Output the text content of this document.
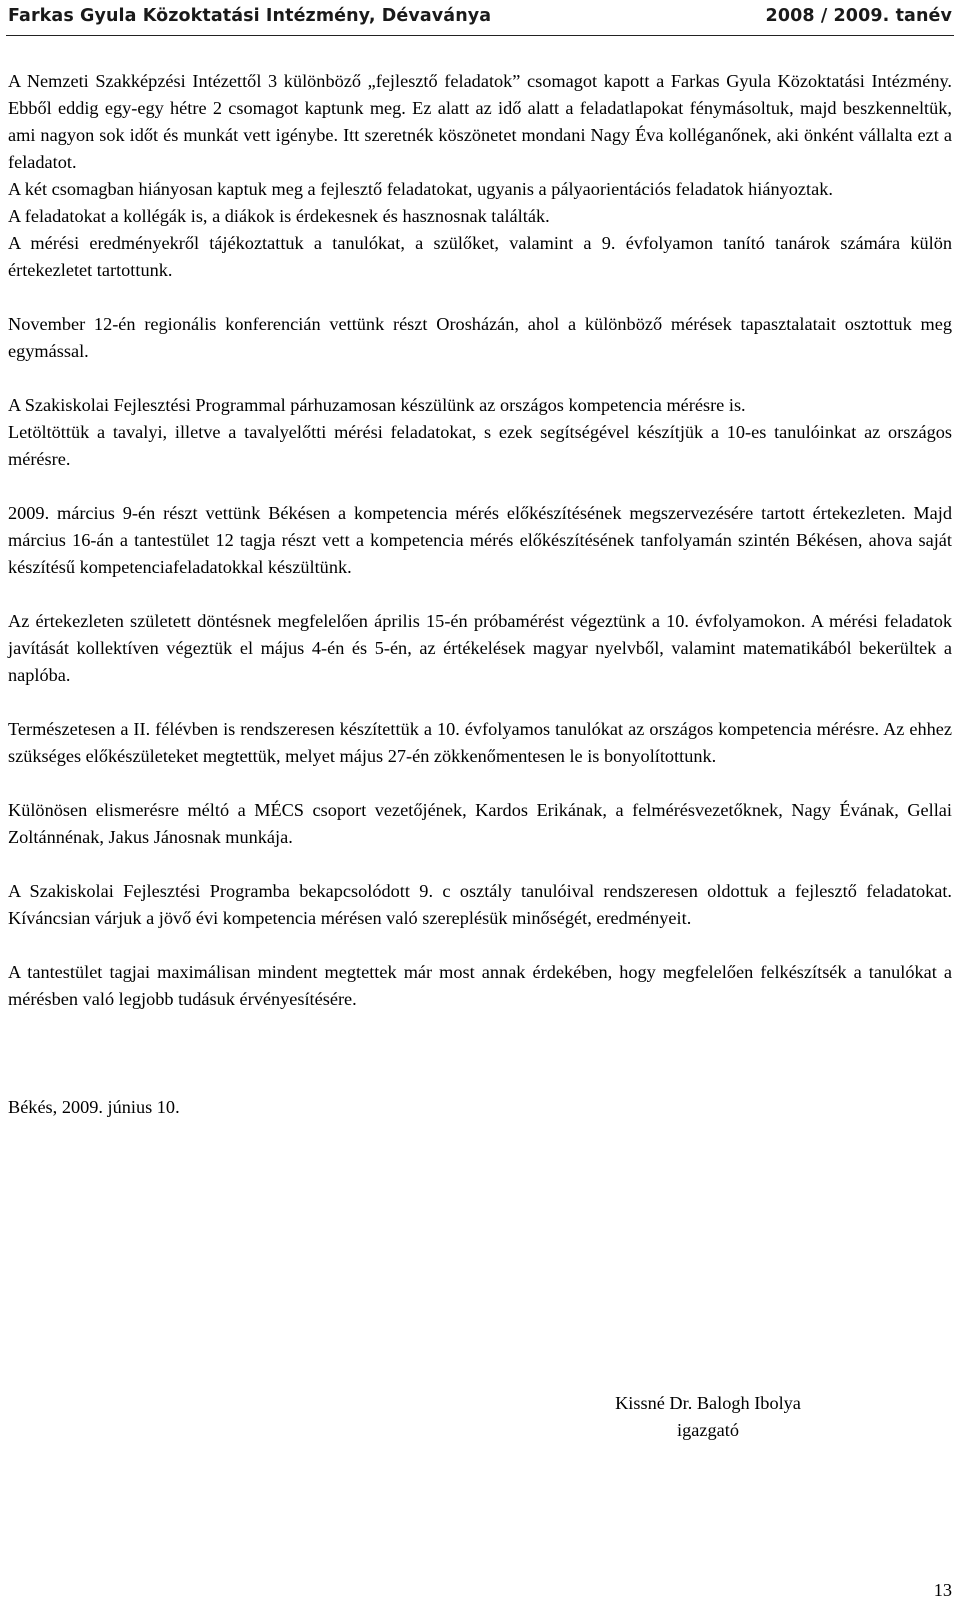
Farkas Gyula Közoktatási Intézmény, Dévaványa	2008 / 2009. tanév

A Nemzeti Szakképzési Intézettől 3 különböző „fejlesztő feladatok” csomagot kapott a Farkas Gyula Közoktatási Intézmény. Ebből eddig egy-egy hétre 2 csomagot kaptunk meg. Ez alatt az idő alatt a feladatlapokat fénymásoltuk, majd beszkenneltük, ami nagyon sok időt és munkát vett igénybe. Itt szeretnék köszönetet mondani Nagy Éva kolléganőnek, aki önként vállalta ezt a feladatot.

A két csomagban hiányosan kaptuk meg a fejlesztő feladatokat, ugyanis a pályaorientációs feladatok hiányoztak.

A feladatokat a kollégák is, a diákok is érdekesnek és hasznosnak találták.

A mérési eredményekről tájékoztattuk a tanulókat, a szülőket, valamint a 9. évfolyamon tanító tanárok számára külön értekezletet tartottunk.

November 12-én regionális konferencián vettünk részt Orosházán, ahol a különböző mérések tapasztalatait osztottuk meg egymással.

A Szakiskolai Fejlesztési Programmal párhuzamosan készülünk az országos kompetencia mérésre is.

Letöltöttük a tavalyi, illetve a tavalyelőtti mérési feladatokat, s ezek segítségével készítjük a 10-es tanulóinkat az országos mérésre.

2009. március 9-én részt vettünk Békésen a kompetencia mérés előkészítésének megszervezésére tartott értekezleten. Majd március 16-án a tantestület 12 tagja részt vett a kompetencia mérés előkészítésének tanfolyamán szintén Békésen, ahova saját készítésű kompetenciafeladatokkal készültünk.

Az értekezleten született döntésnek megfelelően április 15-én próbamérést végeztünk a 10. évfolyamokon. A mérési feladatok javítását kollektíven végeztük el május 4-én és 5-én, az értékelések magyar nyelvből, valamint matematikából bekerültek a naplóba.

Természetesen a II. félévben is rendszeresen készítettük a 10. évfolyamos tanulókat az országos kompetencia mérésre. Az ehhez szükséges előkészületeket megtettük, melyet május 27-én zökkenőmentesen le is bonyolítottunk.

Különösen elismerésre méltó a MÉCS csoport vezetőjének, Kardos Erikának, a felmérésvezetőknek, Nagy Évának, Gellai Zoltánnénak, Jakus Jánosnak munkája.

A Szakiskolai Fejlesztési Programba bekapcsolódott 9. c osztály tanulóival rendszeresen oldottuk a fejlesztő feladatokat. Kíváncsian várjuk a jövő évi kompetencia mérésen való szereplésük minőségét, eredményeit.

A tantestület tagjai maximálisan mindent megtettek már most annak érdekében, hogy megfelelően felkészítsék a tanulókat a mérésben való legjobb tudásuk érvényesítésére.

Békés, 2009. június 10.

Kissné Dr. Balogh Ibolya
igazgató
13
